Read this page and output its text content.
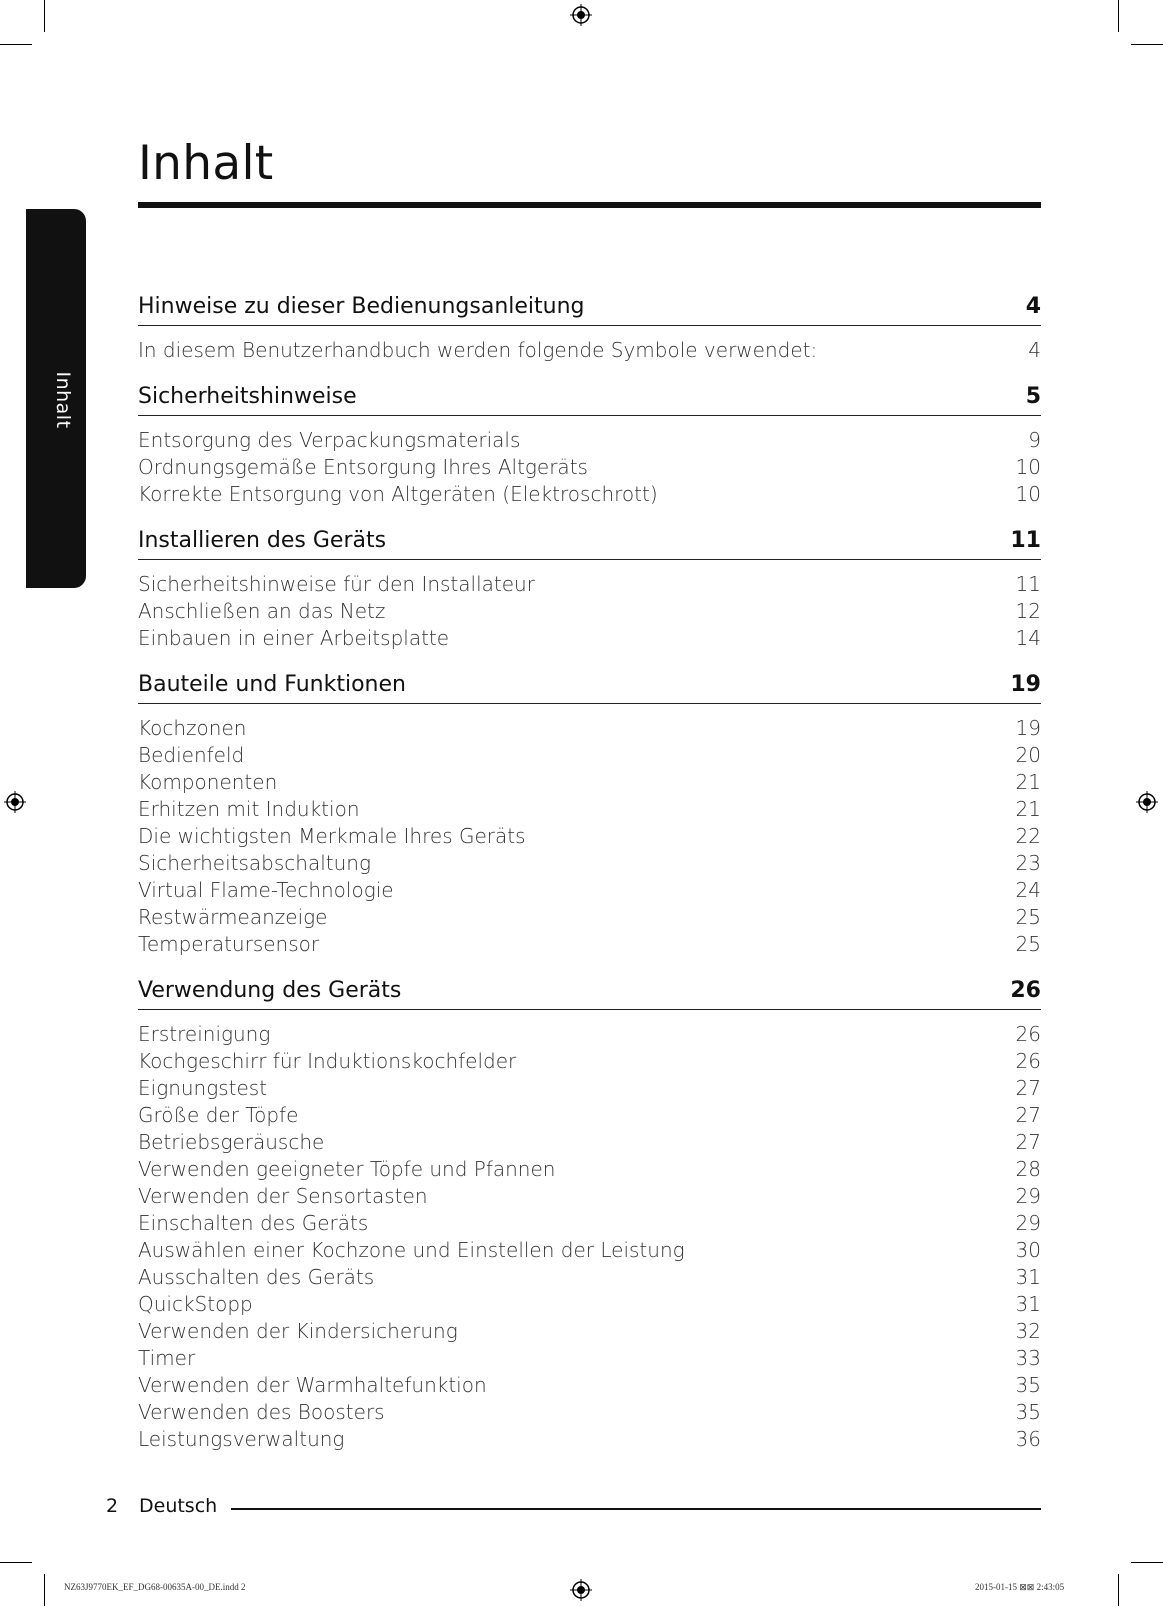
Inhalt
Inhalt
Hinweise zu dieser Bedienungsanleitung	4
In diesem Benutzerhandbuch werden folgende Symbole verwendet:	4
Sicherheitshinweise	5
Entsorgung des Verpackungsmaterials	9
Ordnungsgemäße Entsorgung Ihres Altgeräts	10
Korrekte Entsorgung von Altgeräten (Elektroschrott)	10
Installieren des Geräts	11
Sicherheitshinweise für den Installateur	11
Anschließen an das Netz	12
Einbauen in einer Arbeitsplatte	14
Bauteile und Funktionen	19
Kochzonen	19
Bedienfeld	20
Komponenten	21
Erhitzen mit Induktion	21
Die wichtigsten Merkmale Ihres Geräts	22
Sicherheitsabschaltung	23
Virtual Flame-Technologie	24
Restwärmeanzeige	25
Temperatursensor	25
Verwendung des Geräts	26
Erstreinigung	26
Kochgeschirr für Induktionskochfelder	26
Eignungstest	27
Größe der Töpfe	27
Betriebsgeräusche	27
Verwenden geeigneter Töpfe und Pfannen	28
Verwenden der Sensortasten	29
Einschalten des Geräts	29
Auswählen einer Kochzone und Einstellen der Leistung	30
Ausschalten des Geräts	31
QuickStopp	31
Verwenden der Kindersicherung	32
Timer	33
Verwenden der Warmhaltefunktion	35
Verwenden des Boosters	35
Leistungsverwaltung	36
2 Deutsch
NZ63J9770EK_EF_DG68-00635A-00_DE.indd 2	2015-01-15 ⊠⊠ 2:43:05
